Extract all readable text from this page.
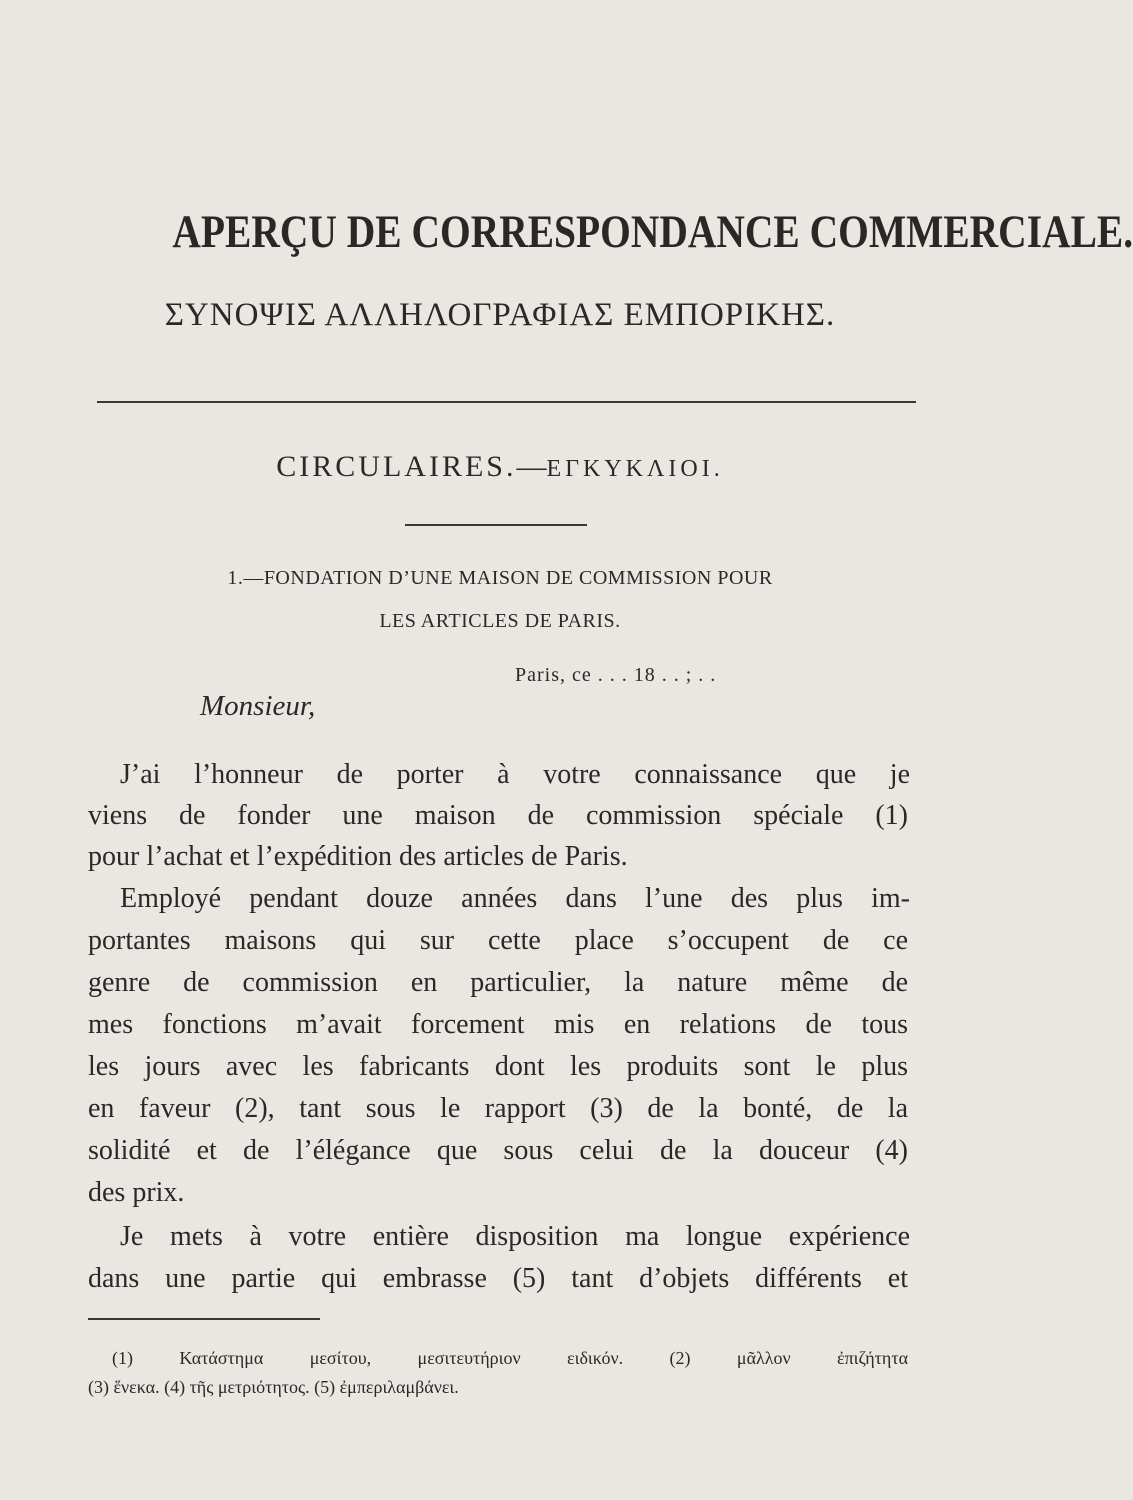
APERÇU DE CORRESPONDANCE COMMERCIALE.
ΣΥΝΟΨΙΣ ΑΛΛΗΛΟΓΡΑΦΙΑΣ ΕΜΠΟΡΙΚΗΣ.
CIRCULAIRES.—ΕΓΚΥΚΛΙΟΙ.
1.—FONDATION D’UNE MAISON DE COMMISSION POUR
LES ARTICLES DE PARIS.
Paris, ce . . . 18 . . ; . .
Monsieur,
J’ai l’honneur de porter à votre connaissance que je
viens de fonder une maison de commission spéciale (1)
pour l’achat et l’expédition des articles de Paris.
Employé pendant douze années dans l’une des plus im-
portantes maisons qui sur cette place s’occupent de ce
genre de commission en particulier, la nature même de
mes fonctions m’avait forcement mis en relations de tous
les jours avec les fabricants dont les produits sont le plus
en faveur (2), tant sous le rapport (3) de la bonté, de la
solidité et de l’élégance que sous celui de la douceur (4)
des prix.
Je mets à votre entière disposition ma longue expérience
dans une partie qui embrasse (5) tant d’objets différents et
(1) Κατάστημα μεσίτου, μεσιτευτήριον ειδικόν. (2) μᾶλλον ἐπιζήτητα
(3) ἕνεκα. (4) τῆς μετριότητος. (5) ἐμπεριλαμβάνει.
